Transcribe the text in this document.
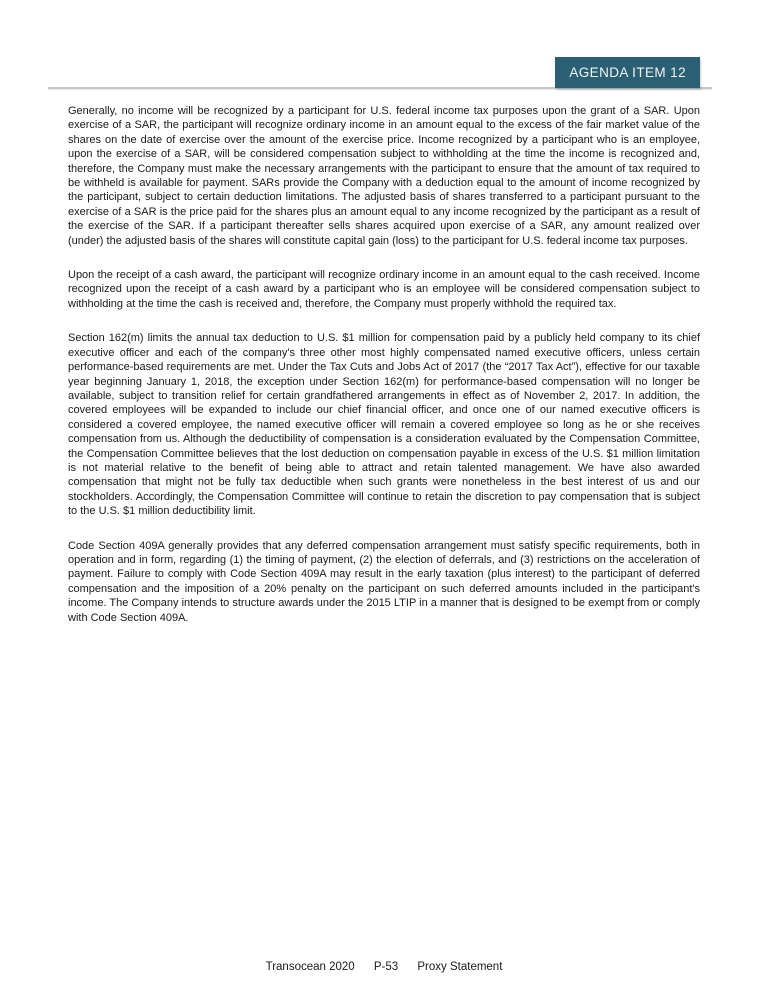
AGENDA ITEM 12

Generally, no income will be recognized by a participant for U.S. federal income tax purposes upon the grant of a SAR. Upon exercise of a SAR, the participant will recognize ordinary income in an amount equal to the excess of the fair market value of the shares on the date of exercise over the amount of the exercise price. Income recognized by a participant who is an employee, upon the exercise of a SAR, will be considered compensation subject to withholding at the time the income is recognized and, therefore, the Company must make the necessary arrangements with the participant to ensure that the amount of tax required to be withheld is available for payment. SARs provide the Company with a deduction equal to the amount of income recognized by the participant, subject to certain deduction limitations. The adjusted basis of shares transferred to a participant pursuant to the exercise of a SAR is the price paid for the shares plus an amount equal to any income recognized by the participant as a result of the exercise of the SAR. If a participant thereafter sells shares acquired upon exercise of a SAR, any amount realized over (under) the adjusted basis of the shares will constitute capital gain (loss) to the participant for U.S. federal income tax purposes.

Upon the receipt of a cash award, the participant will recognize ordinary income in an amount equal to the cash received. Income recognized upon the receipt of a cash award by a participant who is an employee will be considered compensation subject to withholding at the time the cash is received and, therefore, the Company must properly withhold the required tax.

Section 162(m) limits the annual tax deduction to U.S. $1 million for compensation paid by a publicly held company to its chief executive officer and each of the company's three other most highly compensated named executive officers, unless certain performance-based requirements are met. Under the Tax Cuts and Jobs Act of 2017 (the “2017 Tax Act”), effective for our taxable year beginning January 1, 2018, the exception under Section 162(m) for performance-based compensation will no longer be available, subject to transition relief for certain grandfathered arrangements in effect as of November 2, 2017. In addition, the covered employees will be expanded to include our chief financial officer, and once one of our named executive officers is considered a covered employee, the named executive officer will remain a covered employee so long as he or she receives compensation from us. Although the deductibility of compensation is a consideration evaluated by the Compensation Committee, the Compensation Committee believes that the lost deduction on compensation payable in excess of the U.S. $1 million limitation is not material relative to the benefit of being able to attract and retain talented management. We have also awarded compensation that might not be fully tax deductible when such grants were nonetheless in the best interest of us and our stockholders. Accordingly, the Compensation Committee will continue to retain the discretion to pay compensation that is subject to the U.S. $1 million deductibility limit.

Code Section 409A generally provides that any deferred compensation arrangement must satisfy specific requirements, both in operation and in form, regarding (1) the timing of payment, (2) the election of deferrals, and (3) restrictions on the acceleration of payment. Failure to comply with Code Section 409A may result in the early taxation (plus interest) to the participant of deferred compensation and the imposition of a 20% penalty on the participant on such deferred amounts included in the participant's income. The Company intends to structure awards under the 2015 LTIP in a manner that is designed to be exempt from or comply with Code Section 409A.

Transocean 2020 P-53 Proxy Statement
